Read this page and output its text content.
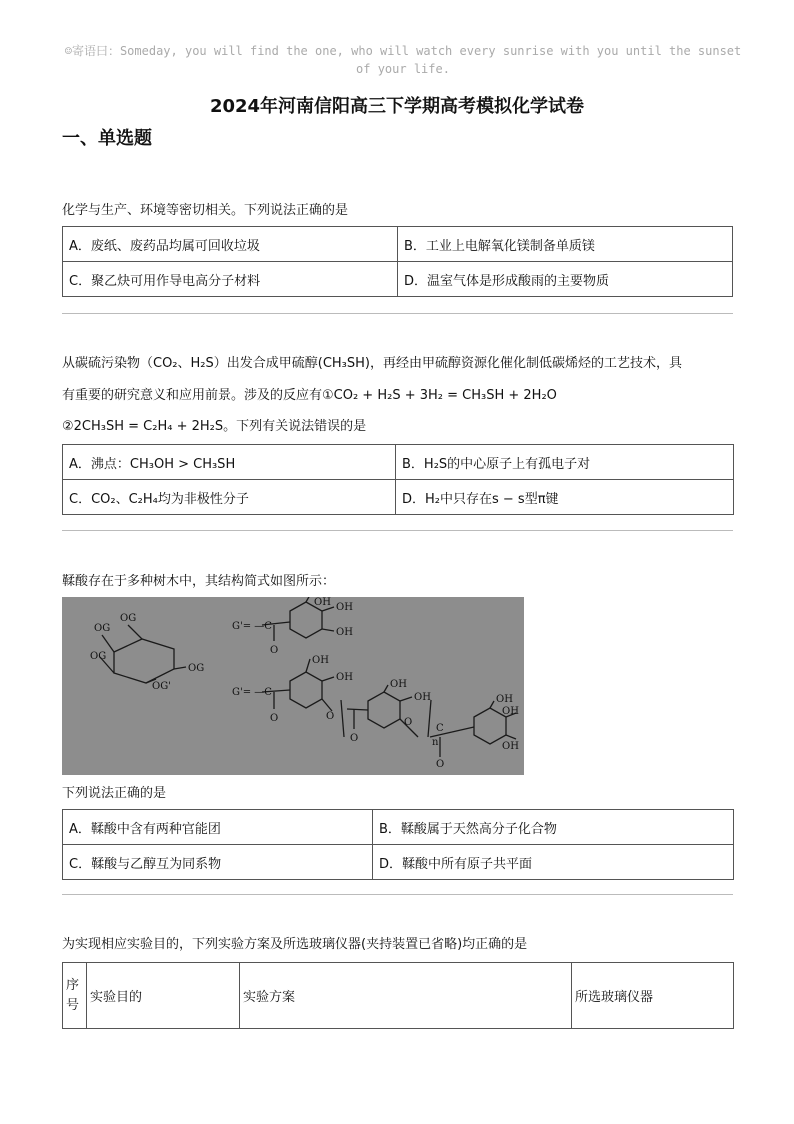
☺寄语曰：Someday, you will find the one, who will watch every sunrise with you until the sunset
of your life.
2024年河南信阳高三下学期高考模拟化学试卷
一、单选题
化学与生产、环境等密切相关。下列说法正确的是
A．废纸、废药品均属可回收垃圾	B．工业上电解氧化镁制备单质镁
C．聚乙炔可用作导电高分子材料	D．温室气体是形成酸雨的主要物质
从碳硫污染物（CO₂、H₂S）出发合成甲硫醇(CH₃SH)，再经由甲硫醇资源化催化制低碳烯烃的工艺技术，具
有重要的研究意义和应用前景。涉及的反应有①CO₂ + H₂S + 3H₂ = CH₃SH + 2H₂O
②2CH₃SH = C₂H₄ + 2H₂S。下列有关说法错误的是
A．沸点：CH₃OH > CH₃SH	B．H₂S的中心原子上有孤电子对
C．CO₂、C₂H₄均为非极性分子	D．H₂中只存在s − s型π键
鞣酸存在于多种树木中，其结构简式如图所示：
OG
OG
OG
OG
OG'
G'= —C
G'= —C
OH OH
OH
OH
OH
O
OH
OH
O
n
C
OH
OH
OH
O
O
O
O
下列说法正确的是
A．鞣酸中含有两种官能团	B．鞣酸属于天然高分子化合物
C．鞣酸与乙醇互为同系物	D．鞣酸中所有原子共平面
为实现相应实验目的，下列实验方案及所选玻璃仪器(夹持装置已省略)均正确的是
序号	实验目的	实验方案	所选玻璃仪器
